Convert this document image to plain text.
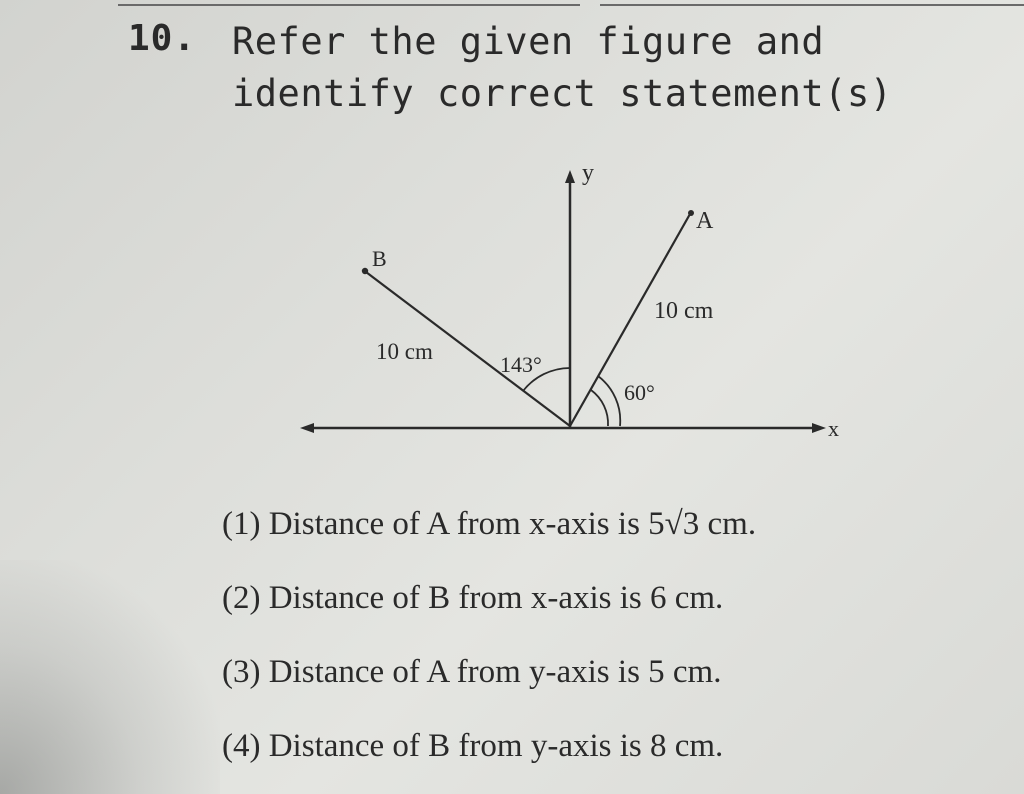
10. Refer the given figure and identify correct statement(s)
x
y
A
10 cm
B
10 cm
143°
60°
(1) Distance of A from x-axis is 5√3 cm.
(2) Distance of B from x-axis is 6 cm.
(3) Distance of A from y-axis is 5 cm.
(4) Distance of B from y-axis is 8 cm.
